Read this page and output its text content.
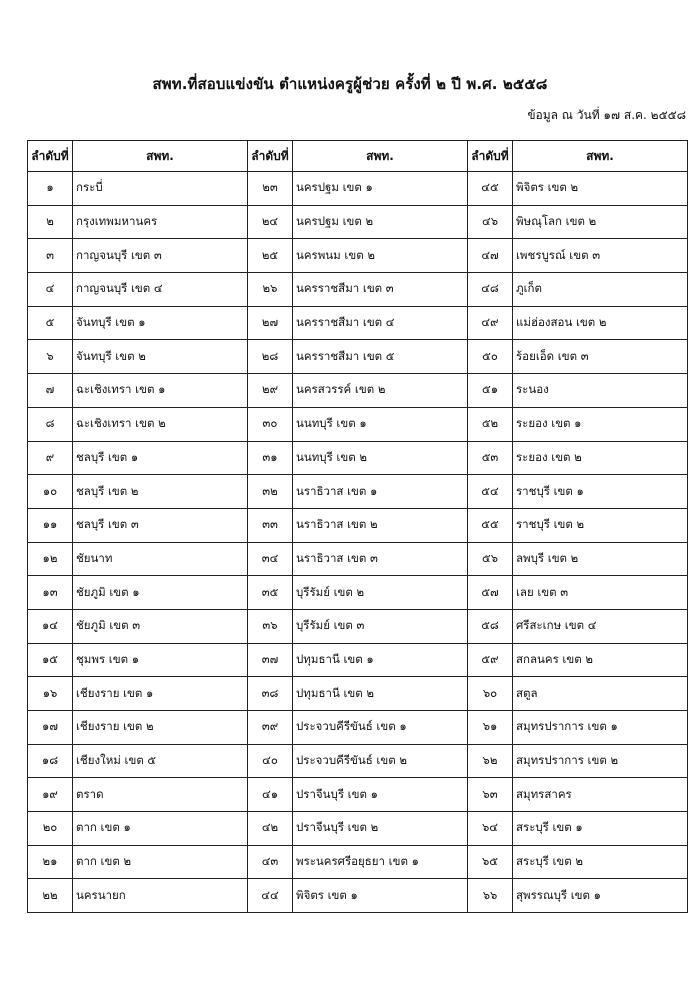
สพท.ที่สอบแข่งขัน ตำแหน่งครูผู้ช่วย ครั้งที่ ๒ ปี พ.ศ. ๒๕๕๘
ข้อมูล ณ วันที่ ๑๗ ส.ค. ๒๕๕๘
ลำดับที่	สพท.	ลำดับที่	สพท.	ลำดับที่	สพท.
๑	กระบี่	๒๓	นครปฐม เขต ๑	๔๕	พิจิตร เขต ๒
๒	กรุงเทพมหานคร	๒๔	นครปฐม เขต ๒	๔๖	พิษณุโลก เขต ๒
๓	กาญจนบุรี เขต ๓	๒๕	นครพนม เขต ๒	๔๗	เพชรบูรณ์ เขต ๓
๔	กาญจนบุรี เขต ๔	๒๖	นครราชสีมา เขต ๓	๔๘	ภูเก็ต
๕	จันทบุรี เขต ๑	๒๗	นครราชสีมา เขต ๔	๔๙	แม่ฮ่องสอน เขต ๒
๖	จันทบุรี เขต ๒	๒๘	นครราชสีมา เขต ๕	๕๐	ร้อยเอ็ด เขต ๓
๗	ฉะเชิงเทรา เขต ๑	๒๙	นครสวรรค์ เขต ๒	๕๑	ระนอง
๘	ฉะเชิงเทรา เขต ๒	๓๐	นนทบุรี เขต ๑	๕๒	ระยอง เขต ๑
๙	ชลบุรี เขต ๑	๓๑	นนทบุรี เขต ๒	๕๓	ระยอง เขต ๒
๑๐	ชลบุรี เขต ๒	๓๒	นราธิวาส เขต ๑	๕๔	ราชบุรี เขต ๑
๑๑	ชลบุรี เขต ๓	๓๓	นราธิวาส เขต ๒	๕๕	ราชบุรี เขต ๒
๑๒	ชัยนาท	๓๔	นราธิวาส เขต ๓	๕๖	ลพบุรี เขต ๒
๑๓	ชัยภูมิ เขต ๑	๓๕	บุรีรัมย์ เขต ๒	๕๗	เลย เขต ๓
๑๔	ชัยภูมิ เขต ๓	๓๖	บุรีรัมย์ เขต ๓	๕๘	ศรีสะเกษ เขต ๔
๑๕	ชุมพร เขต ๑	๓๗	ปทุมธานี เขต ๑	๕๙	สกลนคร เขต ๒
๑๖	เชียงราย เขต ๑	๓๘	ปทุมธานี เขต ๒	๖๐	สตูล
๑๗	เชียงราย เขต ๒	๓๙	ประจวบคีรีขันธ์ เขต ๑	๖๑	สมุทรปราการ เขต ๑
๑๘	เชียงใหม่ เขต ๕	๔๐	ประจวบคีรีขันธ์ เขต ๒	๖๒	สมุทรปราการ เขต ๒
๑๙	ตราด	๔๑	ปราจีนบุรี เขต ๑	๖๓	สมุทรสาคร
๒๐	ตาก เขต ๑	๔๒	ปราจีนบุรี เขต ๒	๖๔	สระบุรี เขต ๑
๒๑	ตาก เขต ๒	๔๓	พระนครศรีอยุธยา เขต ๑	๖๕	สระบุรี เขต ๒
๒๒	นครนายก	๔๔	พิจิตร เขต ๑	๖๖	สุพรรณบุรี เขต ๑
